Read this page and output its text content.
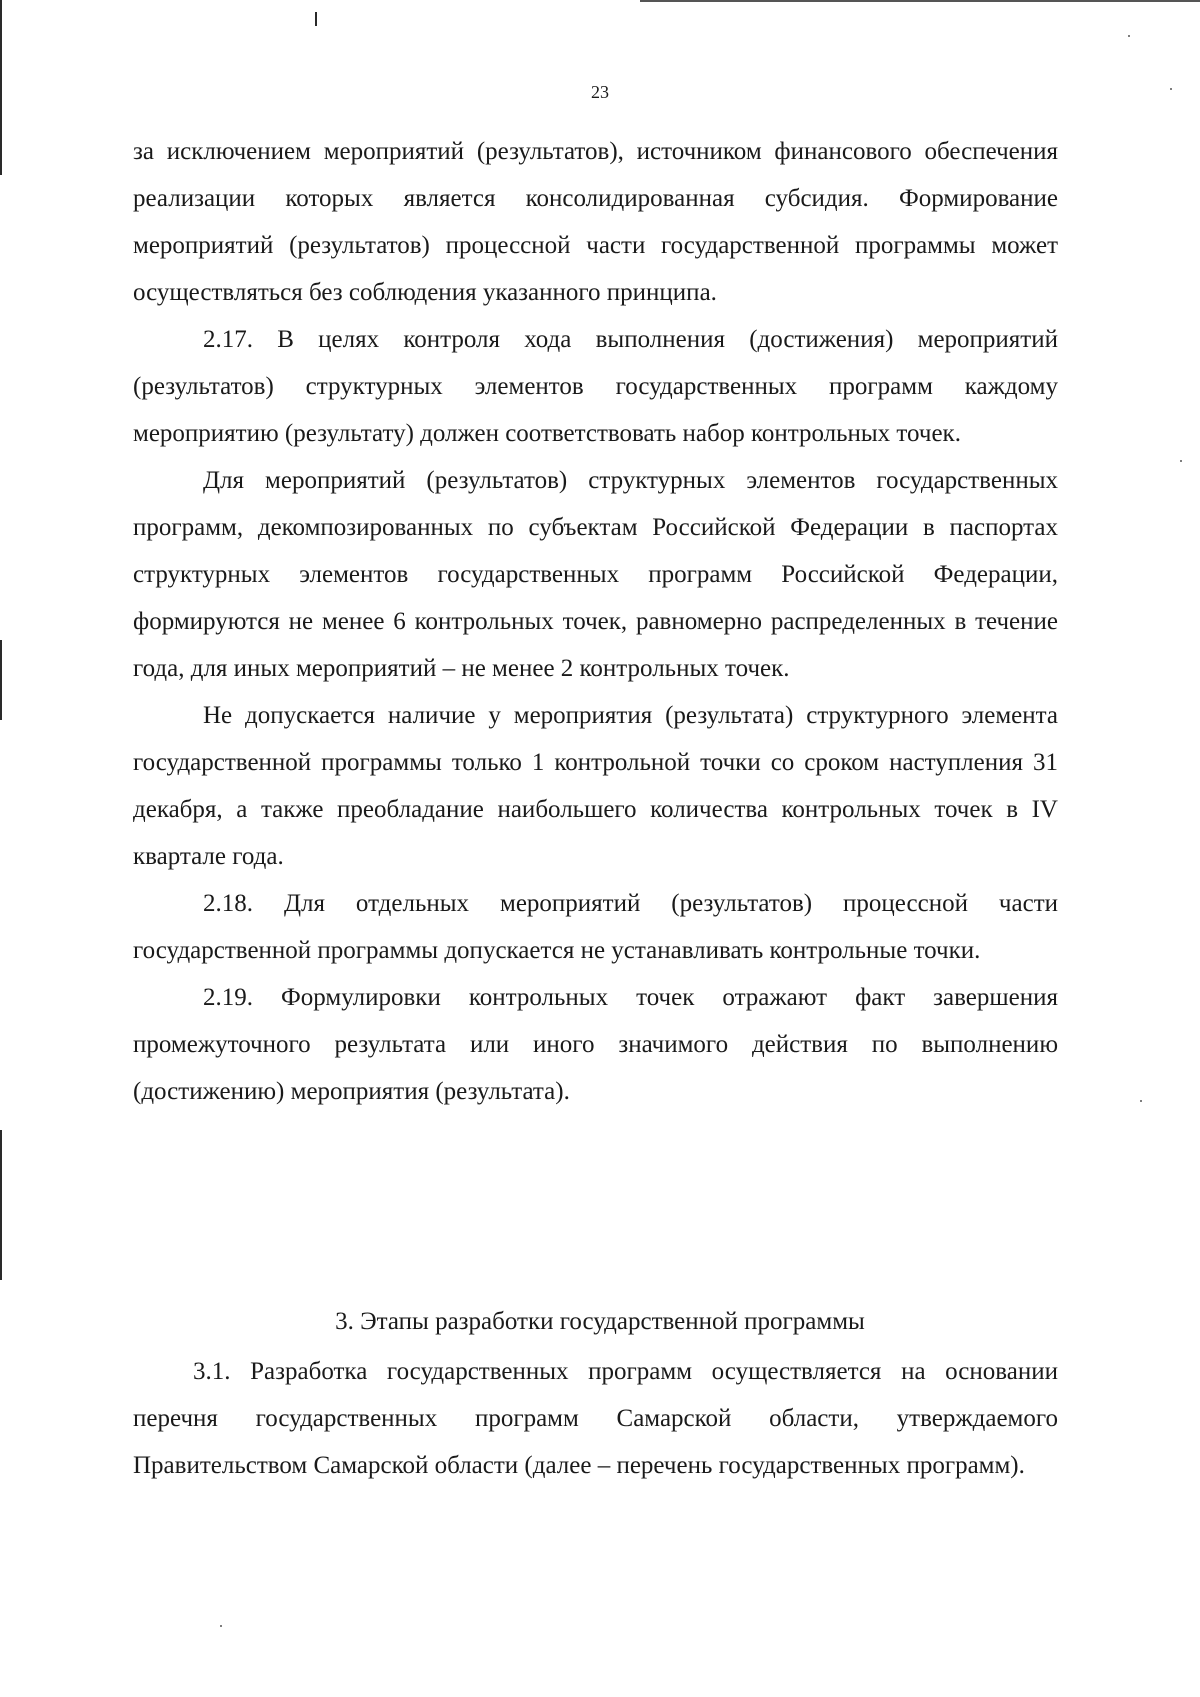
23

за исключением мероприятий (результатов), источником финансового обеспечения реализации которых является консолидированная субсидия. Формирование мероприятий (результатов) процессной части государственной программы может осуществляться без соблюдения указанного принципа.

2.17. В целях контроля хода выполнения (достижения) мероприятий (результатов) структурных элементов государственных программ каждому мероприятию (результату) должен соответствовать набор контрольных точек.

Для мероприятий (результатов) структурных элементов государственных программ, декомпозированных по субъектам Российской Федерации в паспортах структурных элементов государственных программ Российской Федерации, формируются не менее 6 контрольных точек, равномерно распределенных в течение года, для иных мероприятий – не менее 2 контрольных точек.

Не допускается наличие у мероприятия (результата) структурного элемента государственной программы только 1 контрольной точки со сроком наступления 31 декабря, а также преобладание наибольшего количества контрольных точек в IV квартале года.

2.18. Для отдельных мероприятий (результатов) процессной части государственной программы допускается не устанавливать контрольные точки.

2.19. Формулировки контрольных точек отражают факт завершения промежуточного результата или иного значимого действия по выполнению (достижению) мероприятия (результата).

3. Этапы разработки государственной программы

3.1. Разработка государственных программ осуществляется на основании перечня государственных программ Самарской области, утверждаемого Правительством Самарской области (далее – перечень государственных программ).
